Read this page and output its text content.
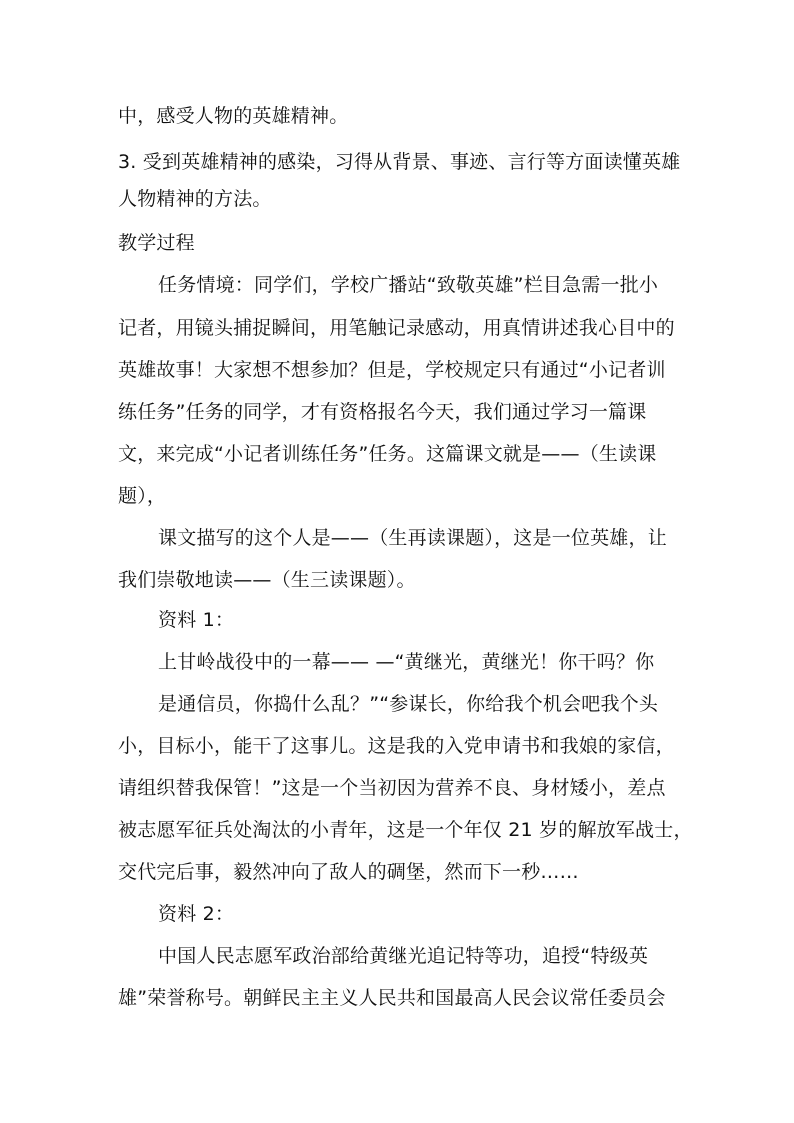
中，感受人物的英雄精神。
3. 受到英雄精神的感染，习得从背景、事迹、言行等方面读懂英雄
人物精神的方法。
教学过程
任务情境：同学们，学校广播站“致敬英雄”栏目急需一批小
记者，用镜头捕捉瞬间，用笔触记录感动，用真情讲述我心目中的
英雄故事！大家想不想参加？但是，学校规定只有通过“小记者训
练任务”任务的同学，才有资格报名今天，我们通过学习一篇课
文，来完成“小记者训练任务”任务。这篇课文就是——（生读课
题），
课文描写的这个人是——（生再读课题），这是一位英雄，让
我们崇敬地读——（生三读课题）。
资料 1：
上甘岭战役中的一幕—— —“黄继光，黄继光！你干吗？你
是通信员，你捣什么乱？”“参谋长，你给我个机会吧我个头
小，目标小，能干了这事儿。这是我的入党申请书和我娘的家信，
请组织替我保管！”这是一个当初因为营养不良、身材矮小，差点
被志愿军征兵处淘汰的小青年，这是一个年仅 21 岁的解放军战士，
交代完后事，毅然冲向了敌人的碉堡，然而下一秒……
资料 2：
中国人民志愿军政治部给黄继光追记特等功，追授“特级英
雄”荣誉称号。朝鲜民主主义人民共和国最高人民会议常任委员会
